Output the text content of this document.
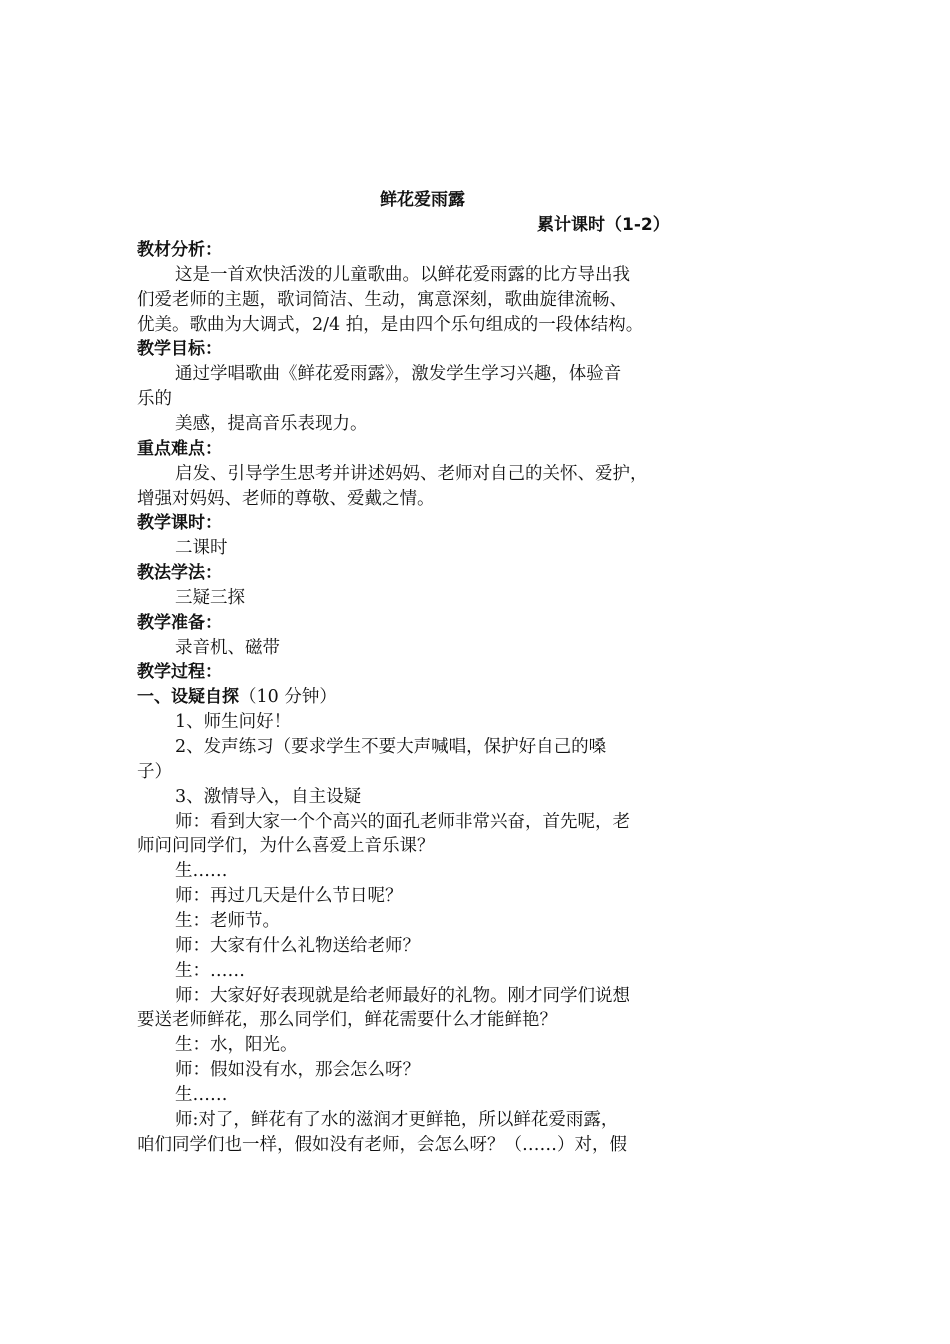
鲜花爱雨露
累计课时（1-2）
教材分析：
这是一首欢快活泼的儿童歌曲。以鲜花爱雨露的比方导出我
们爱老师的主题，歌词简洁、生动，寓意深刻，歌曲旋律流畅、
优美。歌曲为大调式，2/4 拍，是由四个乐句组成的一段体结构。
教学目标：
通过学唱歌曲《鲜花爱雨露》，激发学生学习兴趣，体验音
乐的
美感，提高音乐表现力。
重点难点：
启发、引导学生思考并讲述妈妈、老师对自己的关怀、爱护，
增强对妈妈、老师的尊敬、爱戴之情。
教学课时：
二课时
教法学法：
三疑三探
教学准备：
录音机、磁带
教学过程：
一、设疑自探（10 分钟）
1、师生问好！
2、发声练习（要求学生不要大声喊唱，保护好自己的嗓
子）
3、激情导入，自主设疑
师：看到大家一个个高兴的面孔老师非常兴奋，首先呢，老
师问问同学们，为什么喜爱上音乐课？
生……
师：再过几天是什么节日呢？
生：老师节。
师：大家有什么礼物送给老师？
生：……
师：大家好好表现就是给老师最好的礼物。刚才同学们说想
要送老师鲜花，那么同学们，鲜花需要什么才能鲜艳？
生：水，阳光。
师：假如没有水，那会怎么呀？
生……
师:对了，鲜花有了水的滋润才更鲜艳，所以鲜花爱雨露，
咱们同学们也一样，假如没有老师，会怎么呀？（……）对，假
